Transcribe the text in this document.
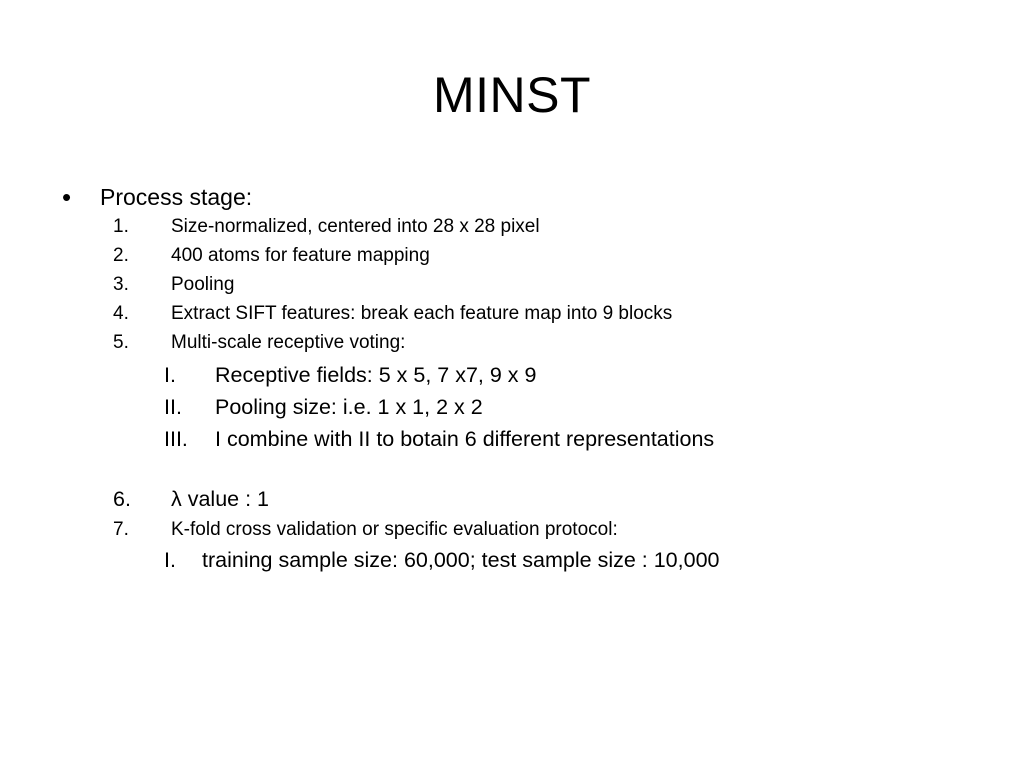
MINST
• Process stage:
1. Size-normalized, centered into 28 x 28 pixel
2. 400 atoms for feature mapping
3. Pooling
4. Extract SIFT features: break each feature map into 9 blocks
5. Multi-scale receptive voting:
I. Receptive fields: 5 x 5, 7 x7, 9 x 9
II. Pooling size: i.e. 1 x 1, 2 x 2
III. I combine with II to botain 6 different representations
6. λ value : 1
7. K-fold cross validation or specific evaluation protocol:
I. training sample size: 60,000; test sample size : 10,000
